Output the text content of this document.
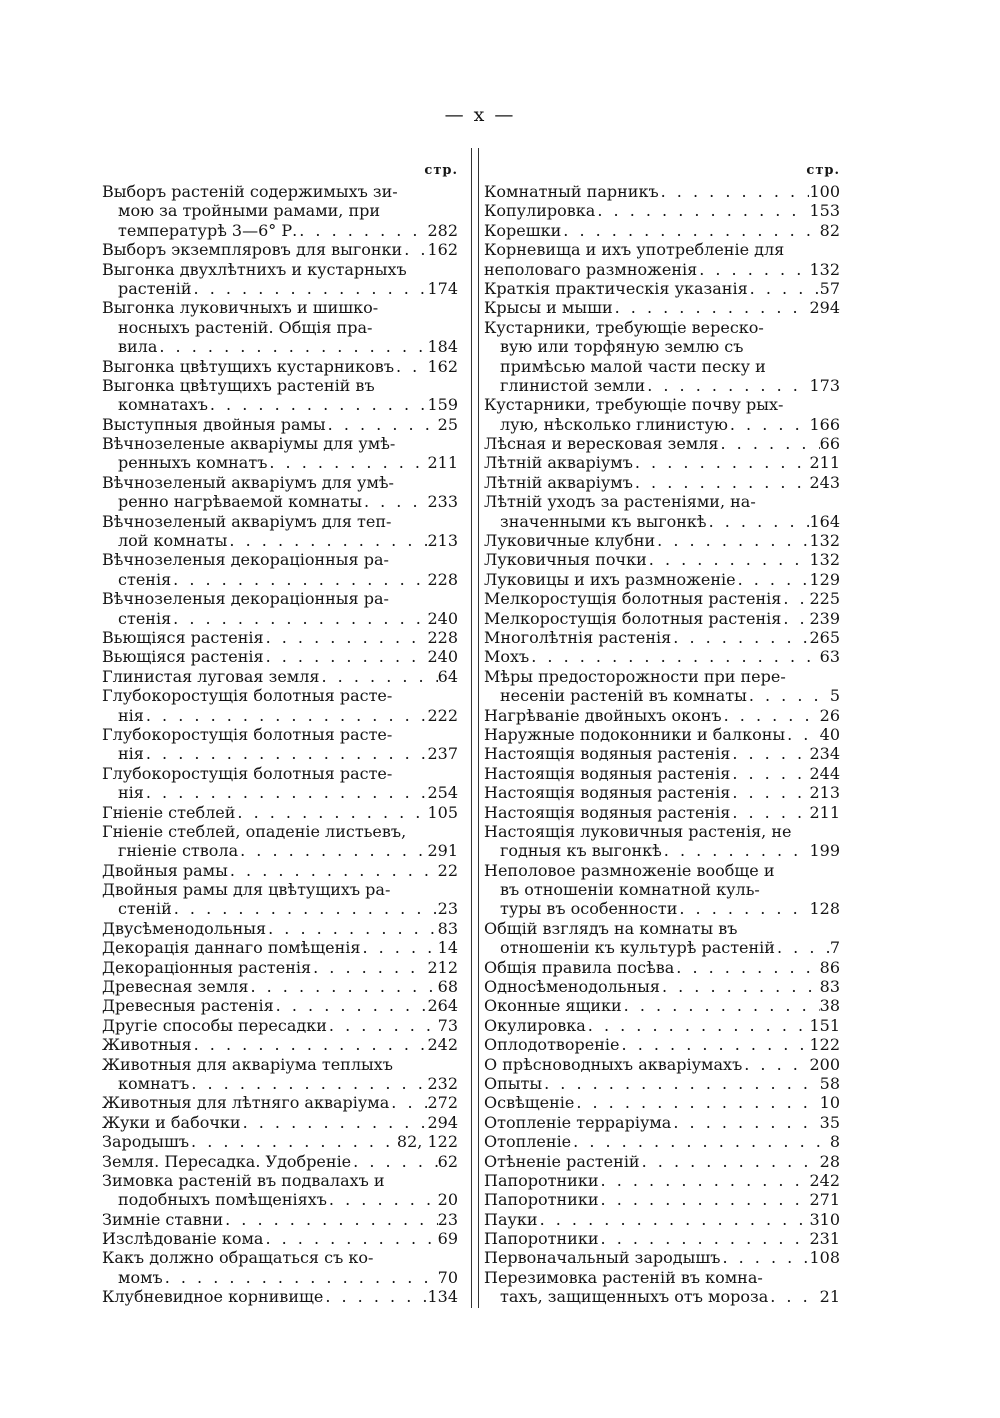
— x —
стр.
Выборъ растеній содержимыхъ зи-
мою за тройными рамами, при
температурѣ 3—6° Р. . . .	282
Выборъ экземпляровъ для выгонки . . . 162
Выгонка двухлѣтнихъ и кустарныхъ
растеній . . .	174
Выгонка луковичныхъ и шишко-
носныхъ растеній. Общія пра-
вила . . .	184
Выгонка цвѣтущихъ кустарниковъ . . . 162
Выгонка цвѣтущихъ растеній въ
комнатахъ . . .	159
Выступныя двойныя рамы . . .	25
Вѣчнозеленые акваріумы для умѣ-
ренныхъ комнатъ . . .	211
Вѣчнозеленый акваріумъ для умѣ-
ренно нагрѣваемой комнаты . . .	233
Вѣчнозеленый акваріумъ для теп-
лой комнаты . . .	213
Вѣчнозеленыя декораціонныя ра-
стенія . . .	228
Вѣчнозеленыя декораціонныя ра-
стенія . . .	240
Вьющіяся растенія . . .	228
Вьющіяся растенія . . .	240
Глинистая луговая земля . . .	64
Глубокоростущія болотныя расте-
нія . . .	222
Глубокоростущія болотныя расте-
нія . . .	237
Глубокоростущія болотныя расте-
нія . . .	254
Гніеніе стеблей . . .	105
Гніеніе стеблей, опаденіе листьевъ,
гніеніе ствола . . .	291
Двойныя рамы . . .	22
Двойныя рамы для цвѣтущихъ ра-
стеній . . .	23
Двусѣменодольныя . . .	83
Декорація даннаго помѣщенія . . .	14
Декораціонныя растенія . . .	212
Древесная земля . . .	68
Древесныя растенія . . .	264
Другіе способы пересадки . . .	73
Животныя . . .	242
Животныя для акваріума теплыхъ
комнатъ . . .	232
Животныя для лѣтняго акваріума . . . 272
Жуки и бабочки . . .	294
Зародышъ . . .	82, 122
Земля. Пересадка. Удобреніе . . .	62
Зимовка растеній въ подвалахъ и
подобныхъ помѣщеніяхъ . . .	20
Зимніе ставни . . .	23
Изслѣдованіе кома . . .	69
Какъ должно обращаться съ ко-
момъ . . .	70
Клубневидное корнивище . . .	134
стр.
Комнатный парникъ . . .	100
Копулировка . . .	153
Корешки . . .	82
Корневища и ихъ употребленіе для
неполоваго размноженія . . .	132
Краткія практическія указанія . . .	57
Крысы и мыши . . .	294
Кустарники, требующіе вереско-
вую или торфяную землю съ
примѣсью малой части песку и
глинистой земли . . .	173
Кустарники, требующіе почву рых-
лую, нѣсколько глинистую . . .	166
Лѣсная и вересковая земля . . .	66
Лѣтній акваріумъ . . .	211
Лѣтній акваріумъ . . .	243
Лѣтній уходъ за растеніями, на-
значенными къ выгонкѣ . . .	164
Луковичные клубни . . .	132
Луковичныя почки . . .	132
Луковицы и ихъ размноженіе . . .	129
Мелкоростущія болотныя растенія . . . 225
Мелкоростущія болотныя растенія . . . 239
Многолѣтнія растенія . . .	265
Мохъ . . .	63
Мѣры предосторожности при пере-
несеніи растеній въ комнаты . . .	5
Нагрѣваніе двойныхъ оконъ . . .	26
Наружные подоконники и балконы . . . 40
Настоящія водяныя растенія . . .	234
Настоящія водяныя растенія . . .	244
Настоящія водяныя растенія . . .	213
Настоящія водяныя растенія . . .	211
Настоящія луковичныя растенія, не
годныя къ выгонкѣ . . .	199
Неполовое размноженіе вообще и
въ отношеніи комнатной куль-
туры въ особенности . . .	128
Общій взглядъ на комнаты въ
отношеніи къ культурѣ растеній . . .	7
Общія правила посѣва . . .	86
Односѣменодольныя . . .	83
Оконные ящики . . .	38
Окулировка . . .	151
Оплодотвореніе . . .	122
О прѣсноводныхъ акваріумахъ . . .	200
Опыты . . .	58
Освѣщеніе . . .	10
Отопленіе террарiума . . .	35
Отопленіе . . .	8
Отѣненіе растеній . . .	28
Папоротники . . .	242
Папоротники . . .	271
Пауки . . .	310
Папоротники . . .	231
Первоначальный зародышъ . . .	108
Перезимовка растеній въ комна-
тахъ, защищенныхъ отъ мороза . . .	21
